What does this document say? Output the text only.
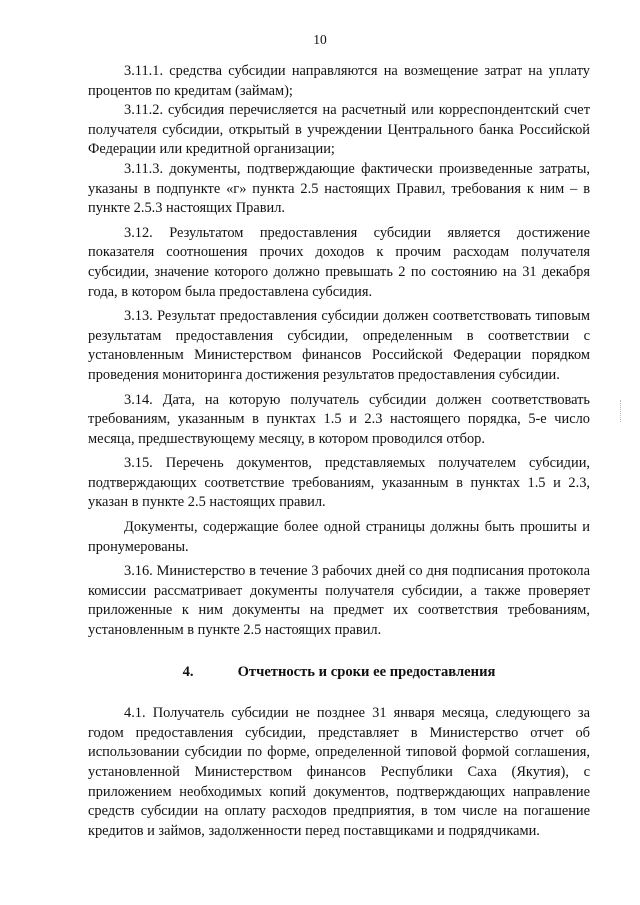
10

3.11.1. средства субсидии направляются на возмещение затрат на уплату процентов по кредитам (займам);

3.11.2. субсидия перечисляется на расчетный или корреспондентский счет получателя субсидии, открытый в учреждении Центрального банка Российской Федерации или кредитной организации;

3.11.3. документы, подтверждающие фактически произведенные затраты, указаны в подпункте «г» пункта 2.5 настоящих Правил, требования к ним – в пункте 2.5.3 настоящих Правил.

3.12. Результатом предоставления субсидии является достижение показателя соотношения прочих доходов к прочим расходам получателя субсидии, значение которого должно превышать 2 по состоянию на 31 декабря года, в котором была предоставлена субсидия.

3.13. Результат предоставления субсидии должен соответствовать типовым результатам предоставления субсидии, определенным в соответствии с установленным Министерством финансов Российской Федерации порядком проведения мониторинга достижения результатов предоставления субсидии.

3.14. Дата, на которую получатель субсидии должен соответствовать требованиям, указанным в пунктах 1.5 и 2.3 настоящего порядка, 5-е число месяца, предшествующему месяцу, в котором проводился отбор.

3.15. Перечень документов, представляемых получателем субсидии, подтверждающих соответствие требованиям, указанным в пунктах 1.5 и 2.3, указан в пункте 2.5 настоящих правил.

Документы, содержащие более одной страницы должны быть прошиты и пронумерованы.

3.16. Министерство в течение 3 рабочих дней со дня подписания протокола комиссии рассматривает документы получателя субсидии, а также проверяет приложенные к ним документы на предмет их соответствия требованиям, установленным в пункте 2.5 настоящих правил.

4.	Отчетность и сроки ее предоставления

4.1. Получатель субсидии не позднее 31 января месяца, следующего за годом предоставления субсидии, представляет в Министерство отчет об использовании субсидии по форме, определенной типовой формой соглашения, установленной Министерством финансов Республики Саха (Якутия), с приложением необходимых копий документов, подтверждающих направление средств субсидии на оплату расходов предприятия, в том числе на погашение кредитов и займов, задолженности перед поставщиками и подрядчиками.
